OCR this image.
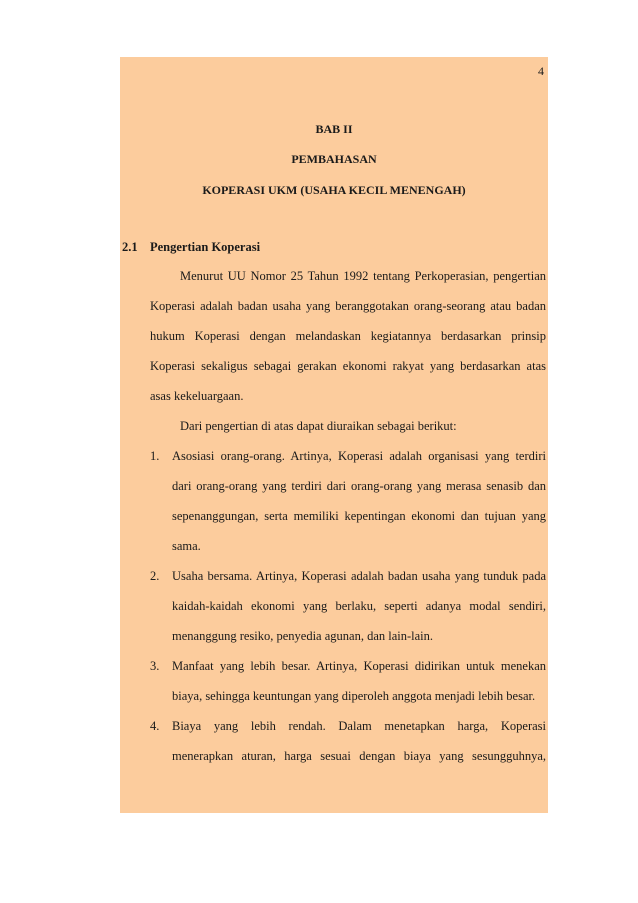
4
BAB II
PEMBAHASAN
KOPERASI UKM (USAHA KECIL MENENGAH)
2.1 Pengertian Koperasi
Menurut UU Nomor 25 Tahun 1992 tentang Perkoperasian, pengertian
Koperasi adalah badan usaha yang beranggotakan orang-seorang atau badan
hukum Koperasi dengan melandaskan kegiatannya berdasarkan prinsip
Koperasi sekaligus sebagai gerakan ekonomi rakyat yang berdasarkan atas
asas kekeluargaan.
Dari pengertian di atas dapat diuraikan sebagai berikut:
1. Asosiasi orang-orang. Artinya, Koperasi adalah organisasi yang terdiri
dari orang-orang yang terdiri dari orang-orang yang merasa senasib dan
sepenanggungan, serta memiliki kepentingan ekonomi dan tujuan yang
sama.
2. Usaha bersama. Artinya, Koperasi adalah badan usaha yang tunduk pada
kaidah-kaidah ekonomi yang berlaku, seperti adanya modal sendiri,
menanggung resiko, penyedia agunan, dan lain-lain.
3. Manfaat yang lebih besar. Artinya, Koperasi didirikan untuk menekan
biaya, sehingga keuntungan yang diperoleh anggota menjadi lebih besar.
4. Biaya yang lebih rendah. Dalam menetapkan harga, Koperasi
menerapkan aturan, harga sesuai dengan biaya yang sesungguhnya,
